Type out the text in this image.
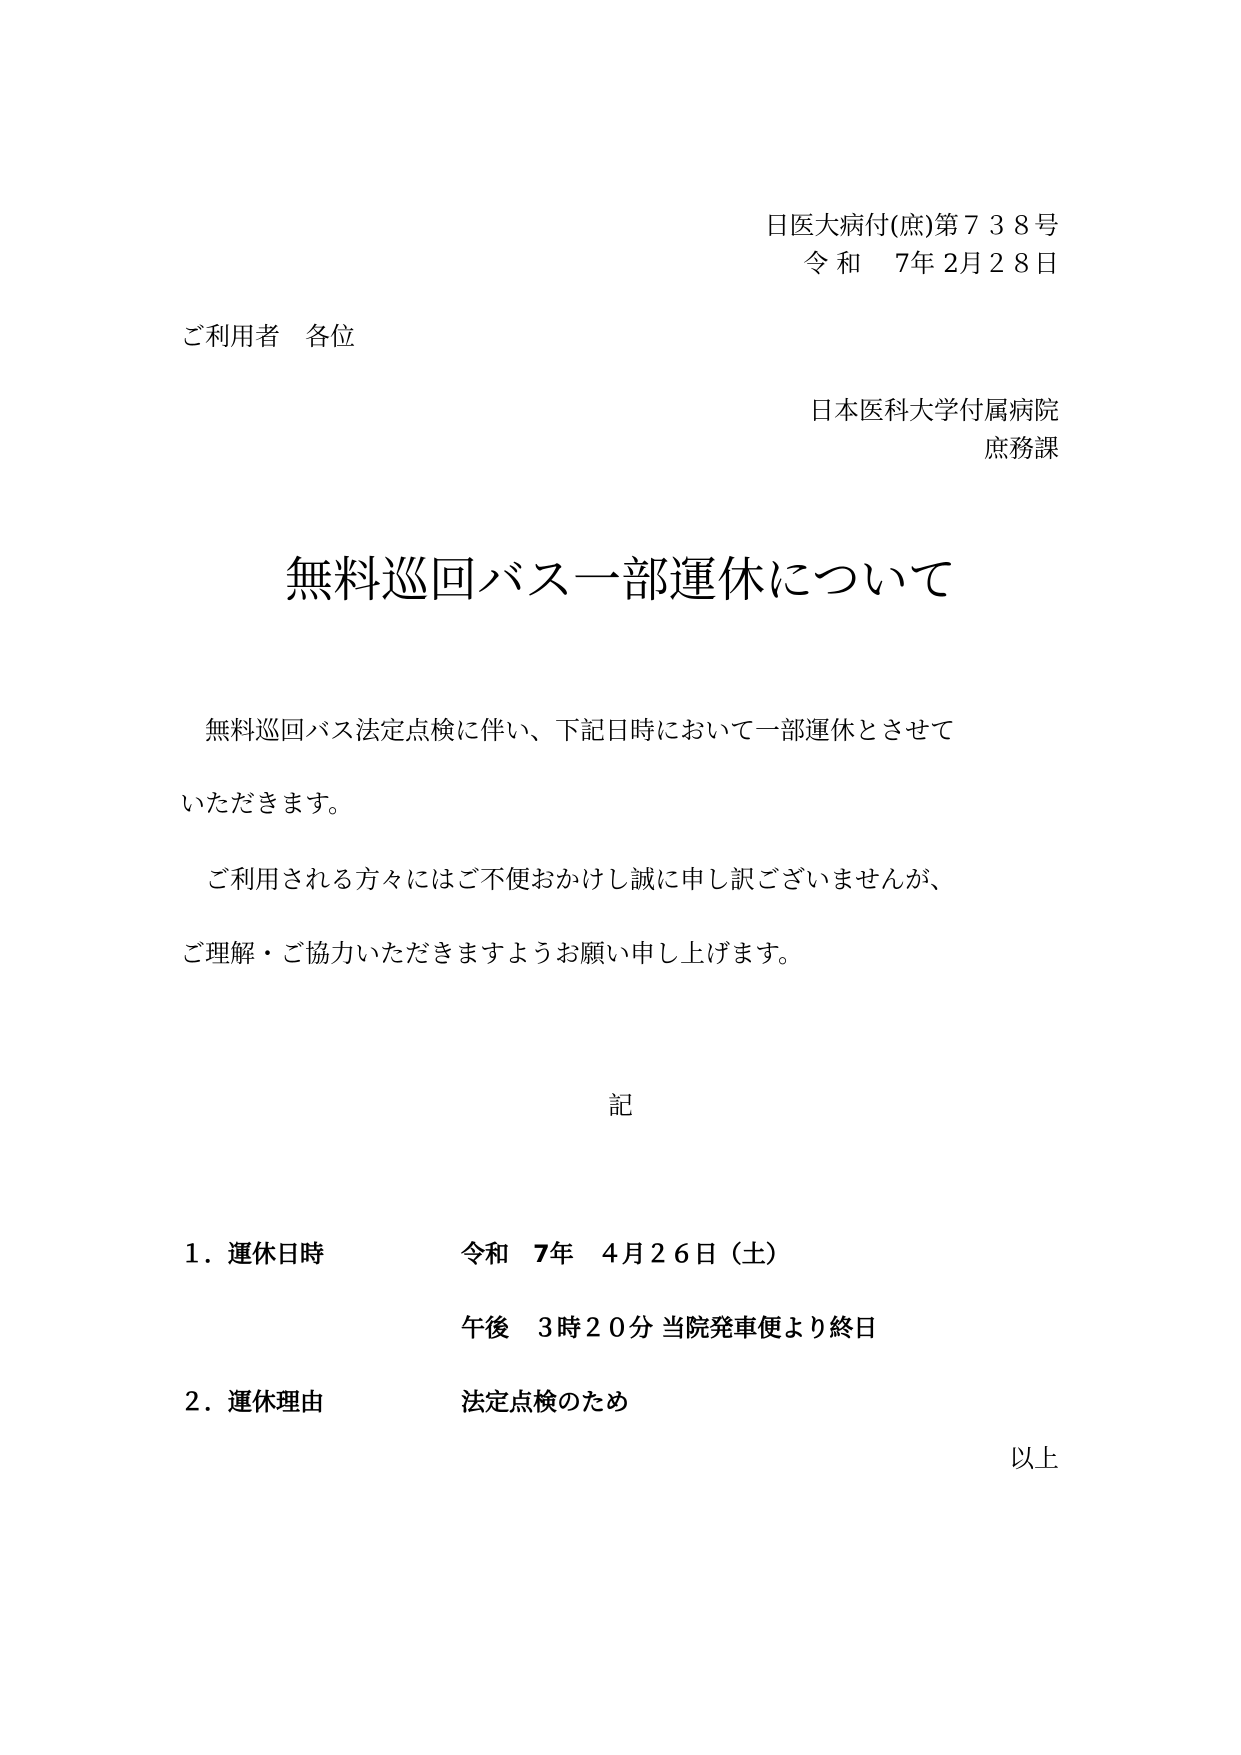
日医大病付(庶)第７３８号
令 和　 7年 2月２８日
ご利用者　各位
日本医科大学付属病院
庶務課
無料巡回バス一部運休について
　無料巡回バス法定点検に伴い、下記日時において一部運休とさせて
いただきます。
　ご利用される方々にはご不便おかけし誠に申し訳ございませんが、
ご理解・ご協力いただきますようお願い申し上げます。
記
１．運休日時	令和　7年　４月２６日（土）
午後　３時２０分 当院発車便より終日
２．運休理由	法定点検のため
以上
